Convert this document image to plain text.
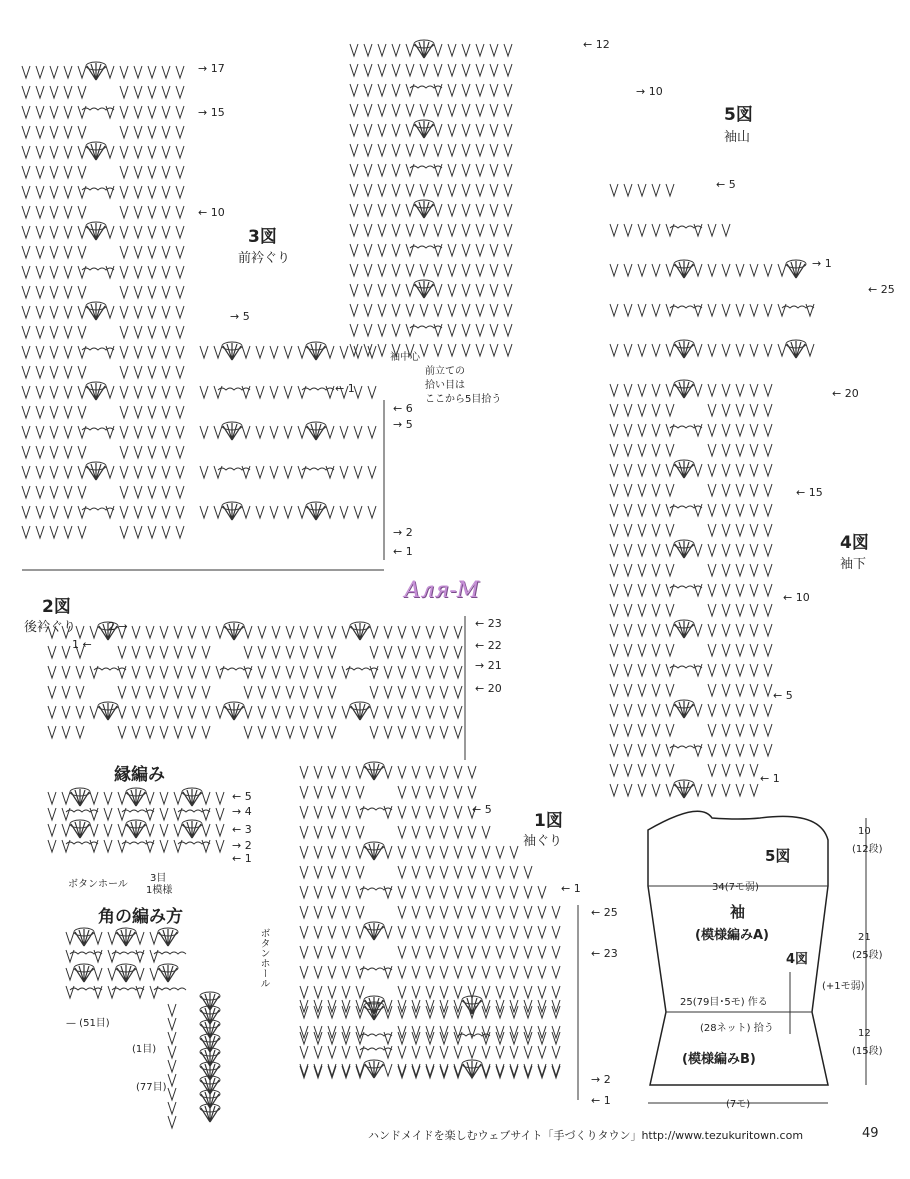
3図
前衿ぐり
→ 17
→ 15
← 10
→ 5
← 1
← 6
→ 5
→ 2
← 1
前立ての
拾い目は
ここから5目拾う
5図
袖山
← 12
→ 10
← 5
→ 1
← 25
← 20
袖中心
4図
袖下
← 15
← 10
← 5
← 1
Аля-М
2図
後衿ぐり	2 →
1 ←
← 23
← 22
→ 21
← 20
1図
袖ぐり
← 5
← 1
← 25
← 23
→ 2
← 1
縁編み
← 5
→ 4
← 3
→ 2
← 1
ボタンホール
3目
1模様
角の編み方
ボタンホール
— (51目)
(1目)
(77目)
5図
34(7モ弱)
袖
(模様編みA)
4図
25(79目･5モ) 作る
(28ネット) 拾う
(模様編みB)
(7モ)
10
(12段)
21
(25段)
(+1モ弱)
12
(15段)
ハンドメイドを楽しむウェブサイト「手づくりタウン」http://www.tezukuritown.com	49
